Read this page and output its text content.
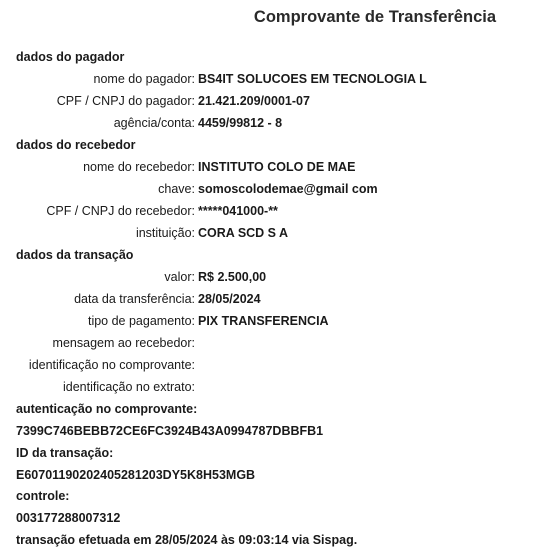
Comprovante de Transferência
dados do pagador
nome do pagador: BS4IT SOLUCOES EM TECNOLOGIA L
CPF / CNPJ do pagador: 21.421.209/0001-07
agência/conta: 4459/99812 - 8
dados do recebedor
nome do recebedor: INSTITUTO COLO DE MAE
chave: somoscolodemae@gmail com
CPF / CNPJ do recebedor: *****041000-**
instituição: CORA SCD S A
dados da transação
valor: R$ 2.500,00
data da transferência: 28/05/2024
tipo de pagamento: PIX TRANSFERENCIA
mensagem ao recebedor:
identificação no comprovante:
identificação no extrato:
autenticação no comprovante:
7399C746BEBB72CE6FC3924B43A0994787DBBFB1
ID da transação:
E60701190202405281203DY5K8H53MGB
controle:
003177288007312
transação efetuada em 28/05/2024 às 09:03:14 via Sispag.
